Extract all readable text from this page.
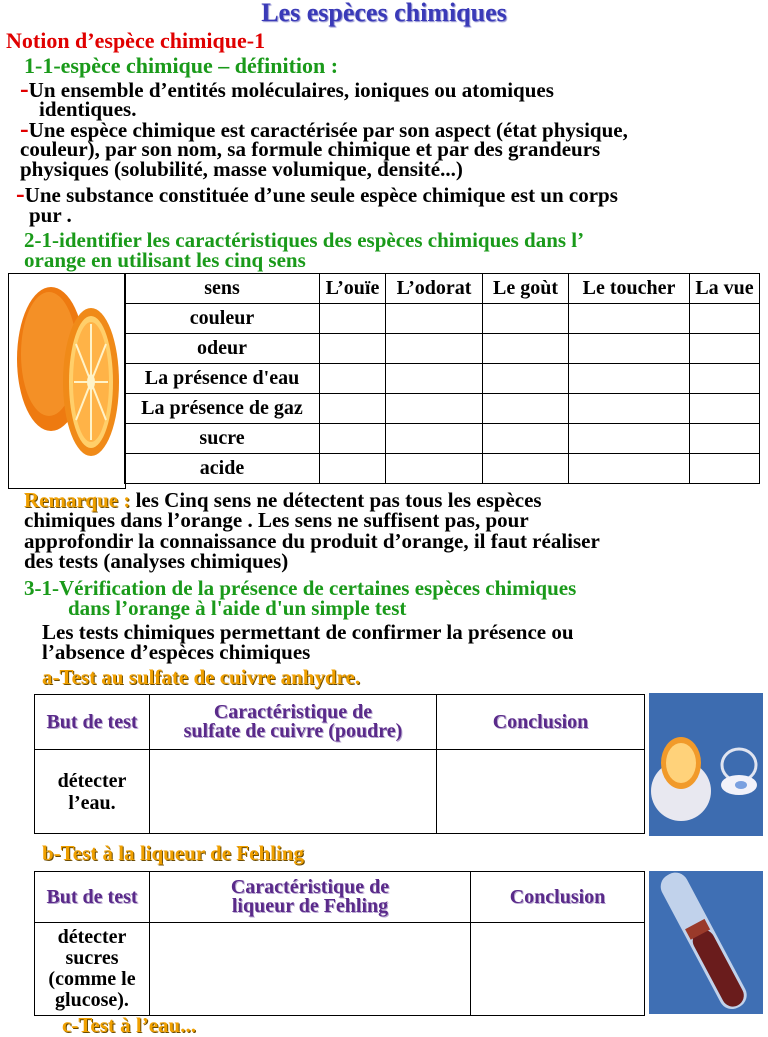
Les espèces chimiques
Notion d’espèce chimique-1
1-1-espèce chimique – définition :
-Un ensemble d’entités moléculaires, ioniques ou atomiques
identiques.
-Une espèce chimique est caractérisée par son aspect (état physique,
couleur), par son nom, sa formule chimique et par des grandeurs
physiques (solubilité, masse volumique, densité...)
-Une substance constituée d’une seule espèce chimique est un corps
pur .
2-1-identifier les caractéristiques des espèces chimiques dans l’
orange en utilisant les cinq sens
sens	L’ouïe	L’odorat	Le goùt	Le toucher	La vue
couleur					
odeur					
La présence d'eau					
La présence de gaz					
sucre					
acide					
Remarque : les Cinq sens ne détectent pas tous les espèces
chimiques dans l’orange . Les sens ne suffisent pas, pour
approfondir la connaissance du produit d’orange, il faut réaliser
des tests (analyses chimiques)
3-1-Vérification de la présence de certaines espèces chimiques
dans l’orange à l'aide d'un simple test
Les tests chimiques permettant de confirmer la présence ou
l’absence d’espèces chimiques
a-Test au sulfate de cuivre anhydre.
But de test	Caractéristique de
sulfate de cuivre (poudre)	Conclusion
détecter
l’eau.		
b-Test à la liqueur de Fehling
But de test	Caractéristique de
liqueur de Fehling	Conclusion
détecter
sucres
(comme le
glucose).		
c-Test à l’eau...
